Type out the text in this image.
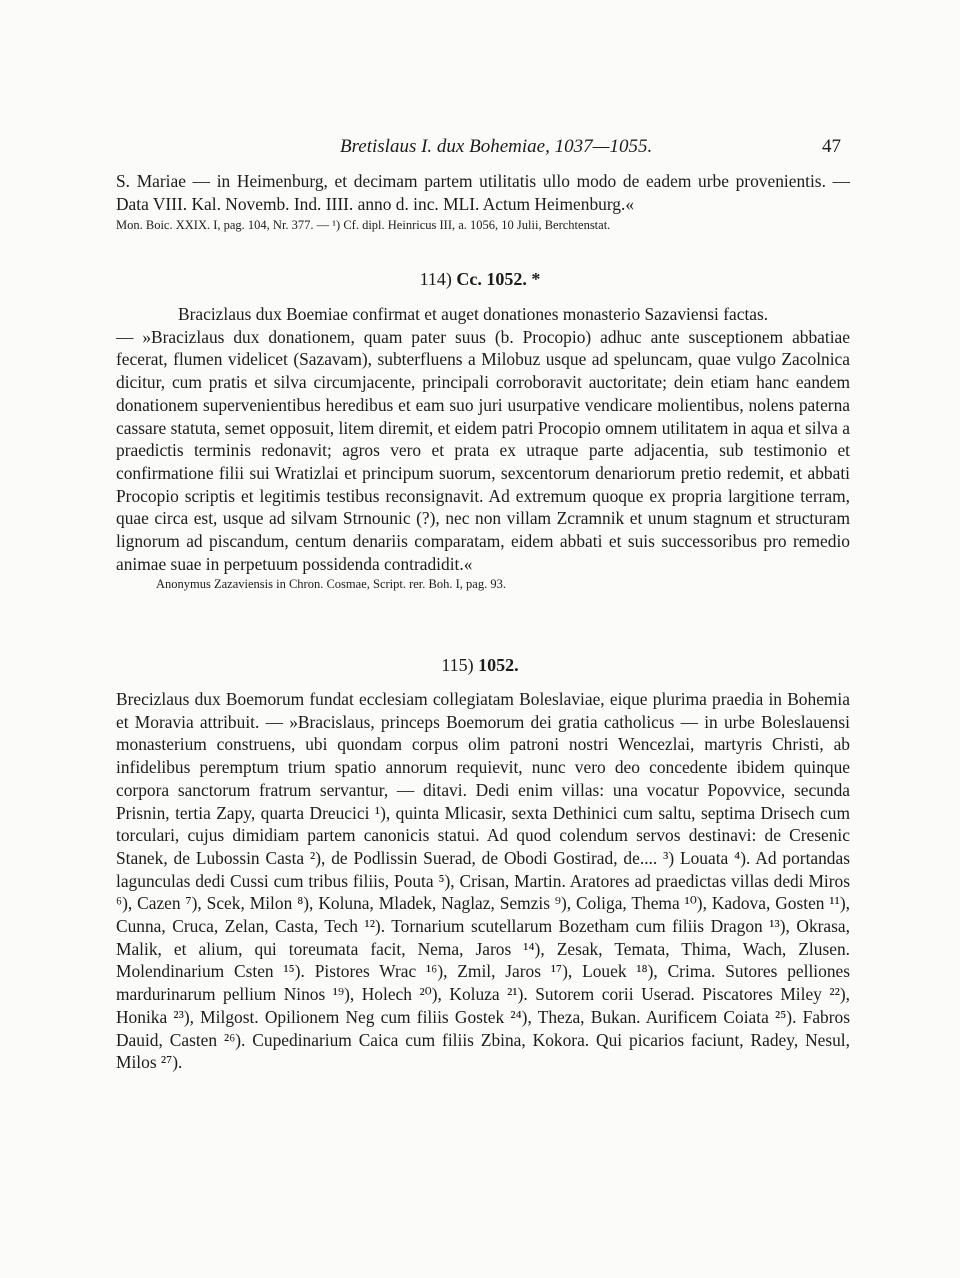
Bretislaus I. dux Bohemiae, 1037—1055.	47

S. Mariae — in Heimenburg, et decimam partem utilitatis ullo modo de eadem urbe provenientis. — Data VIII. Kal. Novemb. Ind. IIII. anno d. inc. MLI. Actum Heimenburg.«

Mon. Boic. XXIX. I, pag. 104, Nr. 377. — ¹) Cf. dipl. Heinricus III, a. 1056, 10 Julii, Berchtenstat.

114) Cc. 1052. *

Bracizlaus dux Boemiae confirmat et auget donationes monasterio Sazaviensi factas.

— »Bracizlaus dux donationem, quam pater suus (b. Procopio) adhuc ante susceptionem abbatiae fecerat, flumen videlicet (Sazavam), subterfluens a Milobuz usque ad speluncam, quae vulgo Zacolnica dicitur, cum pratis et silva circumjacente, principali corroboravit auctoritate; dein etiam hanc eandem donationem supervenientibus heredibus et eam suo juri usurpative vendicare molientibus, nolens paterna cassare statuta, semet opposuit, litem diremit, et eidem patri Procopio omnem utilitatem in aqua et silva a praedictis terminis redonavit; agros vero et prata ex utraque parte adjacentia, sub testimonio et confirmatione filii sui Wratizlai et principum suorum, sexcentorum denariorum pretio redemit, et abbati Procopio scriptis et legitimis testibus reconsignavit. Ad extremum quoque ex propria largitione terram, quae circa est, usque ad silvam Strnounic (?), nec non villam Zcramnik et unum stagnum et structuram lignorum ad piscandum, centum denariis comparatam, eidem abbati et suis successoribus pro remedio animae suae in perpetuum possidenda contradidit.«

Anonymus Zazaviensis in Chron. Cosmae, Script. rer. Boh. I, pag. 93.

115) 1052.

Brecizlaus dux Boemorum fundat ecclesiam collegiatam Boleslaviae, eique plurima praedia in Bohemia et Moravia attribuit. — »Bracislaus, princeps Boemorum dei gratia catholicus — in urbe Boleslauensi monasterium construens, ubi quondam corpus olim patroni nostri Wencezlai, martyris Christi, ab infidelibus peremptum trium spatio annorum requievit, nunc vero deo concedente ibidem quinque corpora sanctorum fratrum servantur, — ditavi. Dedi enim villas: una vocatur Popovvice, secunda Prisnin, tertia Zapy, quarta Dreucici ¹), quinta Mlicasir, sexta Dethinici cum saltu, septima Drisech cum torculari, cujus dimidiam partem canonicis statui. Ad quod colendum servos destinavi: de Cresenic Stanek, de Lubossin Casta ²), de Podlissin Suerad, de Obodi Gostirad, de.... ³) Louata ⁴). Ad portandas lagunculas dedi Cussi cum tribus filiis, Pouta ⁵), Crisan, Martin. Aratores ad praedictas villas dedi Miros ⁶), Cazen ⁷), Scek, Milon ⁸), Koluna, Mladek, Naglaz, Semzis ⁹), Coliga, Thema ¹⁰), Kadova, Gosten ¹¹), Cunna, Cruca, Zelan, Casta, Tech ¹²). Tornarium scutellarum Bozetham cum filiis Dragon ¹³), Okrasa, Malik, et alium, qui toreumata facit, Nema, Jaros ¹⁴), Zesak, Temata, Thima, Wach, Zlusen. Molendinarium Csten ¹⁵). Pistores Wrac ¹⁶), Zmil, Jaros ¹⁷), Louek ¹⁸), Crima. Sutores pelliones mardurinarum pellium Ninos ¹⁹), Holech ²⁰), Koluza ²¹). Sutorem corii Userad. Piscatores Miley ²²), Honika ²³), Milgost. Opilionem Neg cum filiis Gostek ²⁴), Theza, Bukan. Aurificem Coiata ²⁵). Fabros Dauid, Casten ²⁶). Cupedinarium Caica cum filiis Zbina, Kokora. Qui picarios faciunt, Radey, Nesul, Milos ²⁷).
